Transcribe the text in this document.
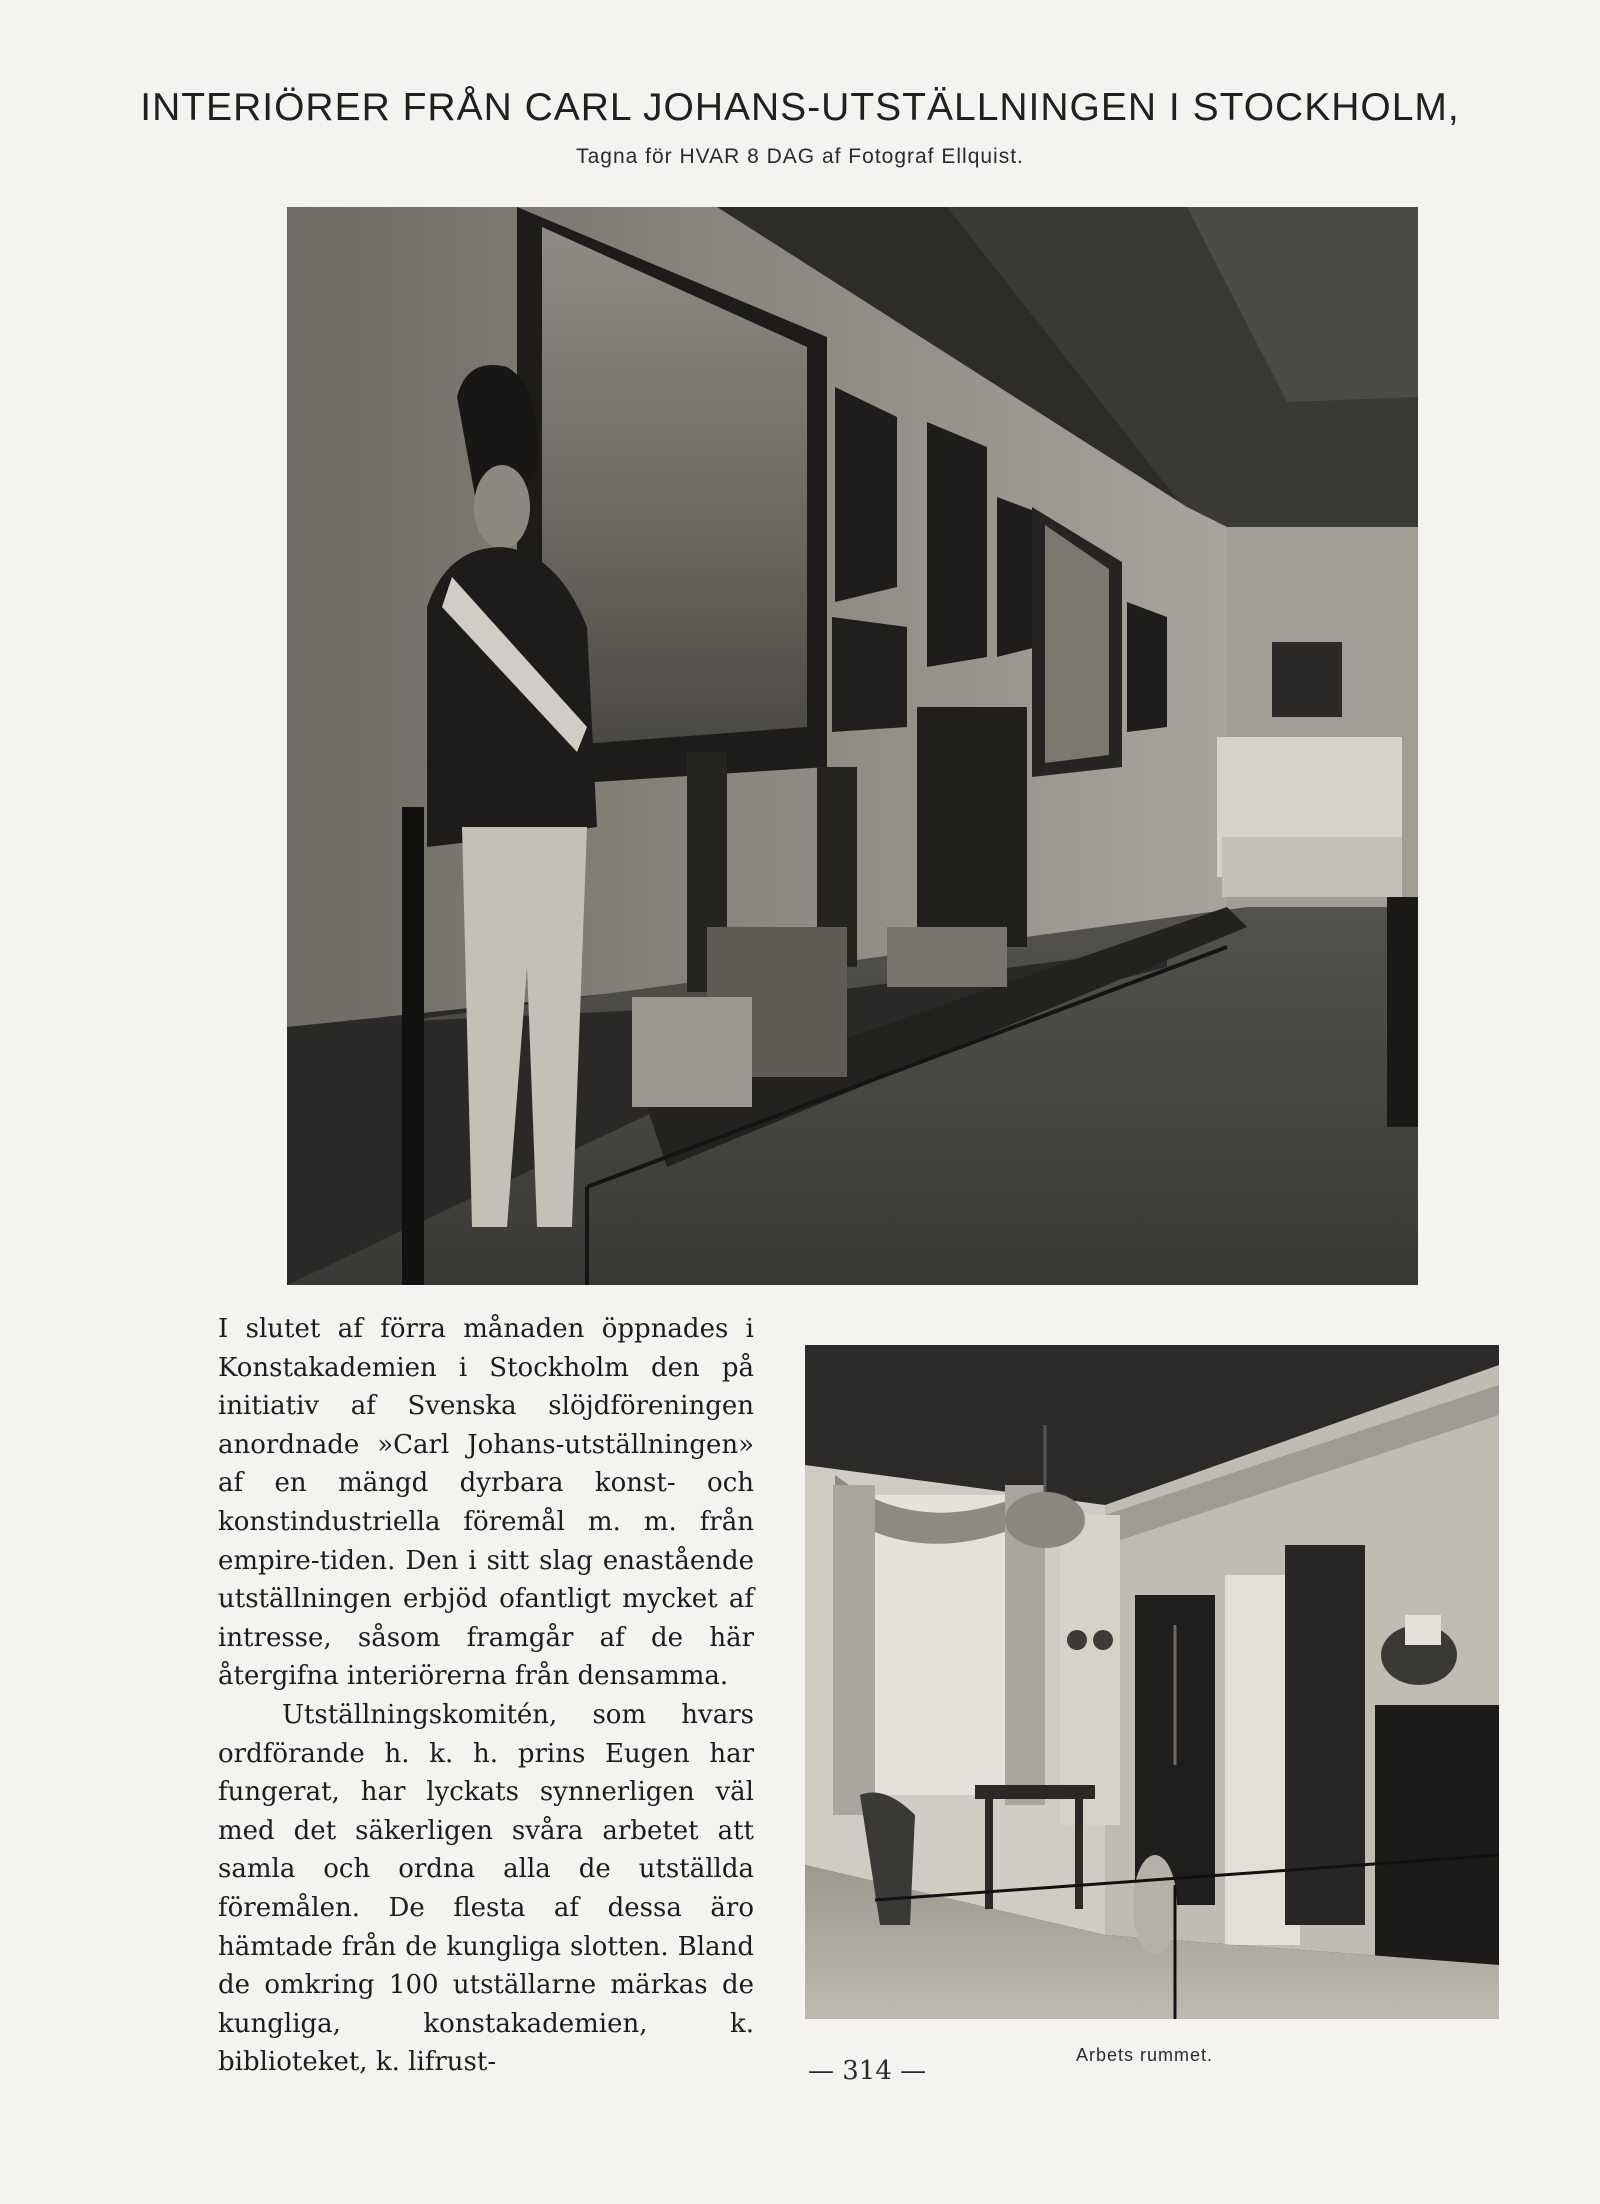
INTERIÖRER FRÅN CARL JOHANS-UTSTÄLLNINGEN I STOCKHOLM,
Tagna för HVAR 8 DAG af Fotograf Ellquist.

I slutet af förra månaden öppnades i Konstakademien i Stockholm den på initiativ af Svenska slöjdföreningen anordnade »Carl Johans-utställningen» af en mängd dyrbara konst- och konstindustriella föremål m. m. från empire-tiden. Den i sitt slag enastående utställningen erbjöd ofantligt mycket af intresse, såsom framgår af de här återgifna interiörerna från densamma.

Utställningskomitén, som hvars ordförande h. k. h. prins Eugen har fungerat, har lyckats synnerligen väl med det säkerligen svåra arbetet att samla och ordna alla de utställda föremålen. De flesta af dessa äro hämtade från de kungliga slotten. Bland de omkring 100 utställarne märkas de kungliga, konstakademien, k. biblioteket, k. lifrust-	Arbets rummet.
— 314 —
